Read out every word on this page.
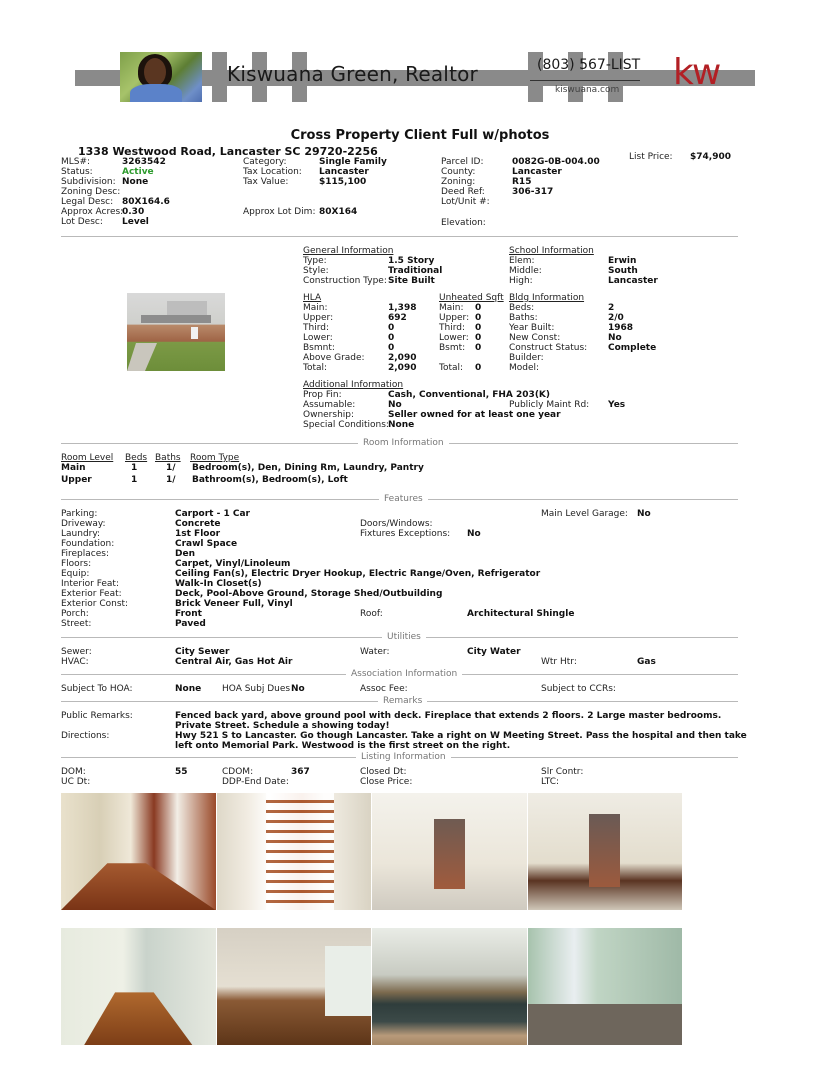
Kiswuana Green, Realtor	(803) 567-LIST
kiswuana.com kw
Cross Property Client Full w/photos
1338 Westwood Road, Lancaster SC 29720-2256
MLS#:	3263542
Status:	Active
Subdivision: None
Zoning Desc:
Legal Desc: 80X164.6
Approx Acres:
0.30
Lot Desc: Level
Category:	Single Family
Tax Location: Lancaster
Tax Value:	$115,100
Approx Lot Dim: 80X164
Parcel ID:	0082G-0B-004.00
County:	Lancaster
Zoning:	R15
Deed Ref:	306-317
Lot/Unit #:
Elevation:
List Price: $74,900
General Information
Type:	1.5 Story
Style:	Traditional
Construction Type: Site Built
School Information
Elem:	Erwin
Middle:	South
High:	Lancaster
HLA
Main:	1,398
Upper:	692
Third:	0
Lower:	0
Bsmnt:	0
Above Grade:	2,090
Total:	2,090
Unheated Sqft
Main: 0
Upper: 0
Third: 0
Lower: 0
Bsmt: 0
Total: 0
Bldg Information
Beds:	2
Baths:	2/0
Year Built:	1968
New Const:	No
Construct Status: Complete
Builder:
Model:
Additional Information
Prop Fin:	Cash, Conventional, FHA 203(K)
Assumable:	No	Publicly Maint Rd: Yes
Ownership:	Seller owned for at least one year
Special Conditions: None
Room Information
Room Level Beds Baths Room Type
Main	1	1/ Bedroom(s), Den, Dining Rm, Laundry, Pantry
Upper	1	1/ Bathroom(s), Bedroom(s), Loft
Features
Parking:	Carport - 1 Car
Driveway:	Concrete
Laundry:	1st Floor
Foundation:	Crawl Space
Fireplaces:	Den
Floors:	Carpet, Vinyl/Linoleum
Equip:	Ceiling Fan(s), Electric Dryer Hookup, Electric Range/Oven, Refrigerator
Interior Feat:	Walk-In Closet(s)
Exterior Feat:	Deck, Pool-Above Ground, Storage Shed/Outbuilding
Exterior Const:	Brick Veneer Full, Vinyl
Porch:	Front
Street:	Paved
Doors/Windows:
Fixtures Exceptions: No
Main Level Garage: No
Roof:	Architectural Shingle
Utilities
Sewer:	City Sewer	Water:	City Water
HVAC:	Central Air, Gas Hot Air	Wtr Htr:	Gas
Association Information
Subject To HOA:	None HOA Subj Dues No	Assoc Fee:	Subject to CCRs:
Remarks
Public Remarks:	Fenced back yard, above ground pool with deck. Fireplace that extends 2 floors. 2 Large master bedrooms.
Private Street. Schedule a showing today!
Directions:	Hwy 521 S to Lancaster. Go though Lancaster. Take a right on W Meeting Street. Pass the hospital and then take
left onto Memorial Park. Westwood is the first street on the right.
Listing Information
DOM:	55	CDOM:	367	Closed Dt:	Slr Contr:
UC Dt:	DDP-End Date:	Close Price:	LTC:
